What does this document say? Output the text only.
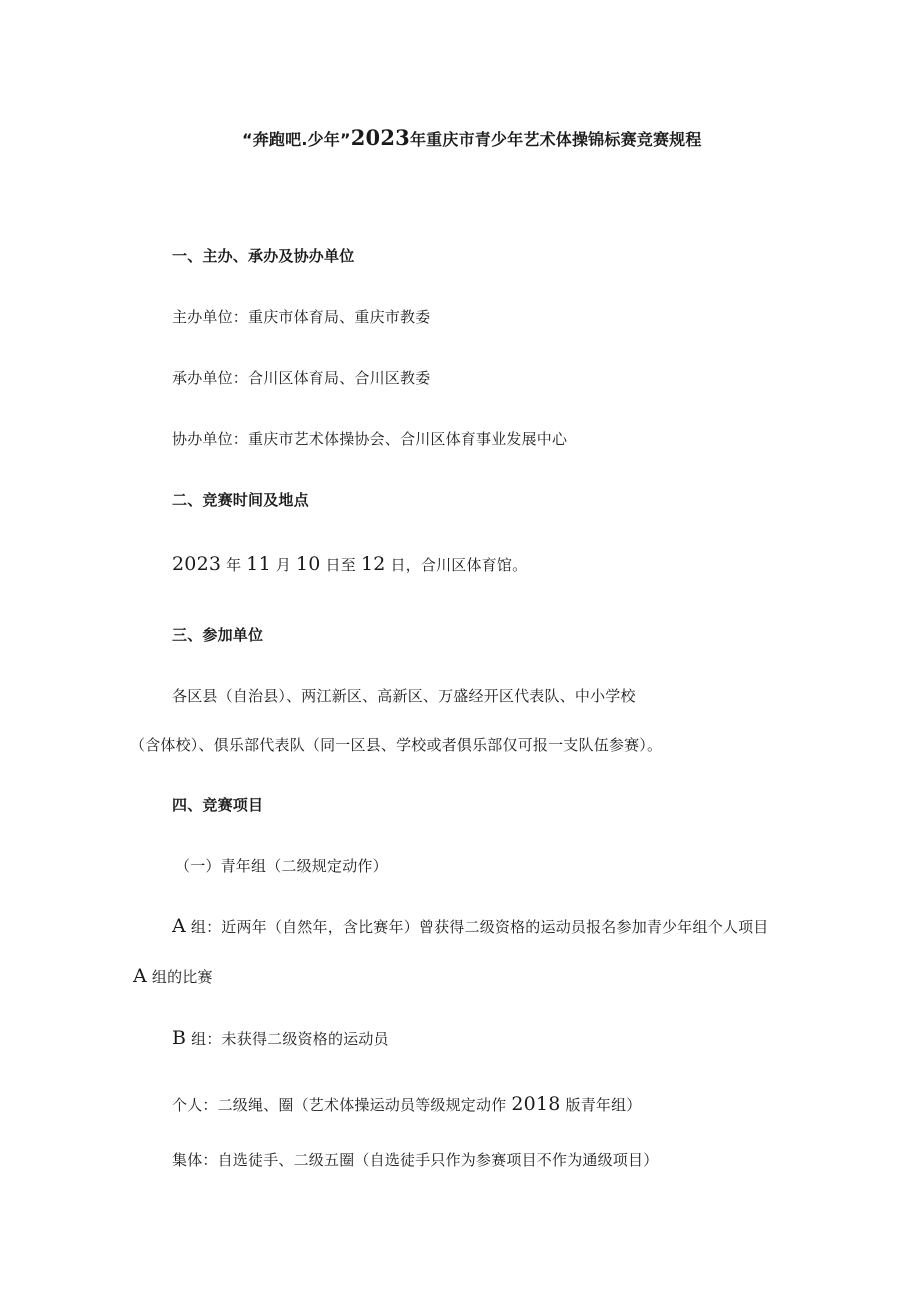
“奔跑吧.少年”2023年重庆市青少年艺术体操锦标赛竞赛规程
一、主办、承办及协办单位
主办单位：重庆市体育局、重庆市教委
承办单位：合川区体育局、合川区教委
协办单位：重庆市艺术体操协会、合川区体育事业发展中心
二、竞赛时间及地点
2023 年 11 月 10 日至 12 日，合川区体育馆。
三、参加单位
各区县（自治县）、两江新区、高新区、万盛经开区代表队、中小学校
（含体校）、俱乐部代表队（同一区县、学校或者俱乐部仅可报一支队伍参赛）。
四、竞赛项目
（一）青年组（二级规定动作）
A 组：近两年（自然年，含比赛年）曾获得二级资格的运动员报名参加青少年组个人项目
A 组的比赛
B 组：未获得二级资格的运动员
个人：二级绳、圈（艺术体操运动员等级规定动作 2018 版青年组）
集体：自选徒手、二级五圈（自选徒手只作为参赛项目不作为通级项目）
